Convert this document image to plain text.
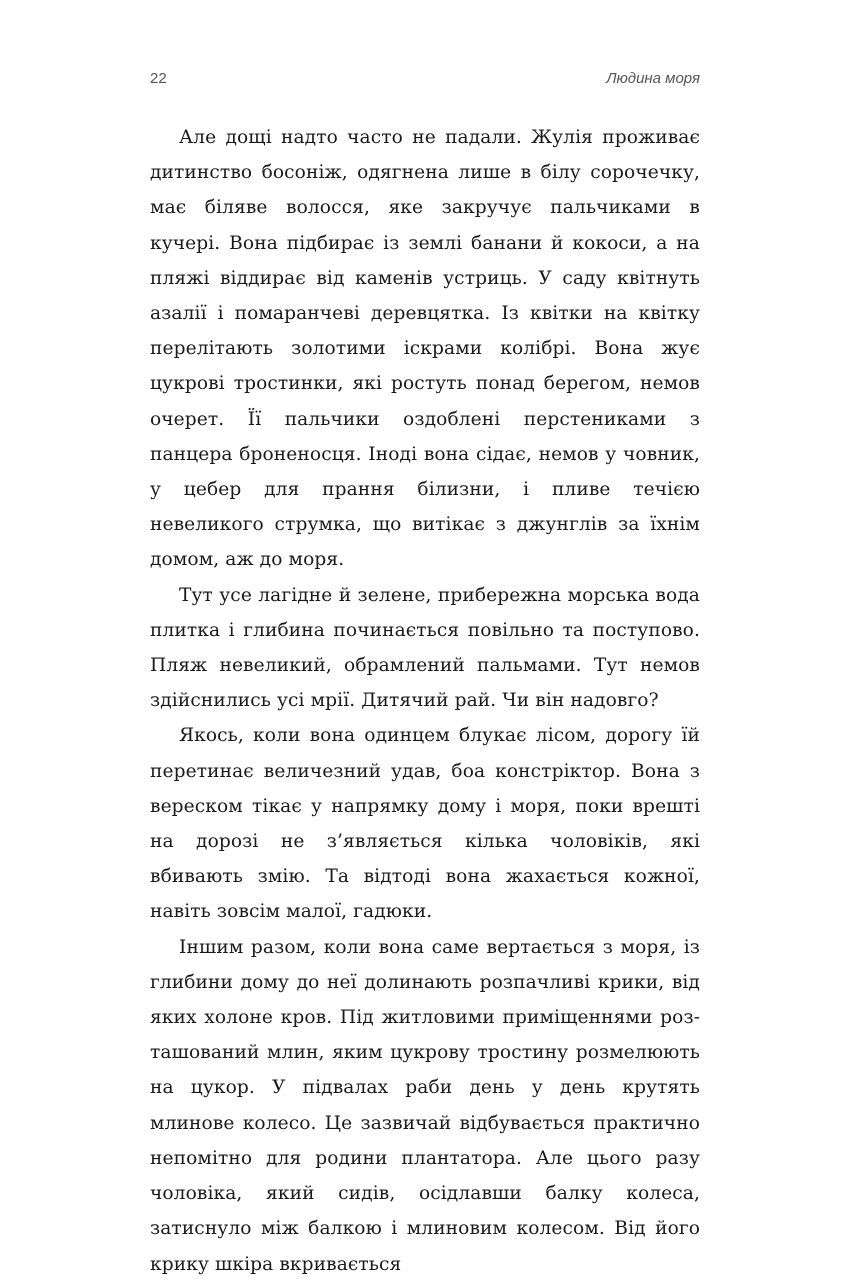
22	Людина моря

Але дощі надто часто не падали. Жулія проживає дитинство босоніж, одягнена лише в білу сорочечку, має біляве волосся, яке закручує пальчиками в кучері. Вона підбирає із землі банани й кокоси, а на пляжі віддирає від каменів устриць. У саду квітнуть азалії і помаранчеві деревцятка. Із квітки на квітку перелітають золотими іскрами колібрі. Вона жує цукрові тростинки, які ростуть понад берегом, немов очерет. Її пальчики оздоблені перстениками з панцера броненосця. Іноді вона сідає, немов у човник, у цебер для прання білизни, і пливе течією невеликого струмка, що витікає з джунглів за їхнім домом, аж до моря.

Тут усе лагідне й зелене, прибережна морська вода плитка і глибина починається повільно та поступово. Пляж невеликий, обрамлений пальмами. Тут немов здійснились усі мрії. Дитячий рай. Чи він надовго?

Якось, коли вона одинцем блукає лісом, дорогу їй перетинає величезний удав, боа констріктор. Вона з вереском тікає у напрямку дому і моря, поки врешті на дорозі не з’являється кілька чоловіків, які вбивають змію. Та відтоді вона жахається кожної, навіть зовсім малої, гадюки.

Іншим разом, коли вона саме вертається з моря, із глибини дому до неї долинають розпачливі крики, від яких холоне кров. Під житловими приміщеннями розташований млин, яким цукрову тростину розмелюють на цукор. У підвалах раби день у день крутять млинове колесо. Це зазвичай відбувається практично непомітно для родини плантатора. Але цього разу чоловіка, який сидів, осідлавши балку колеса, затиснуло між балкою і млиновим колесом. Від його крику шкіра вкривається
